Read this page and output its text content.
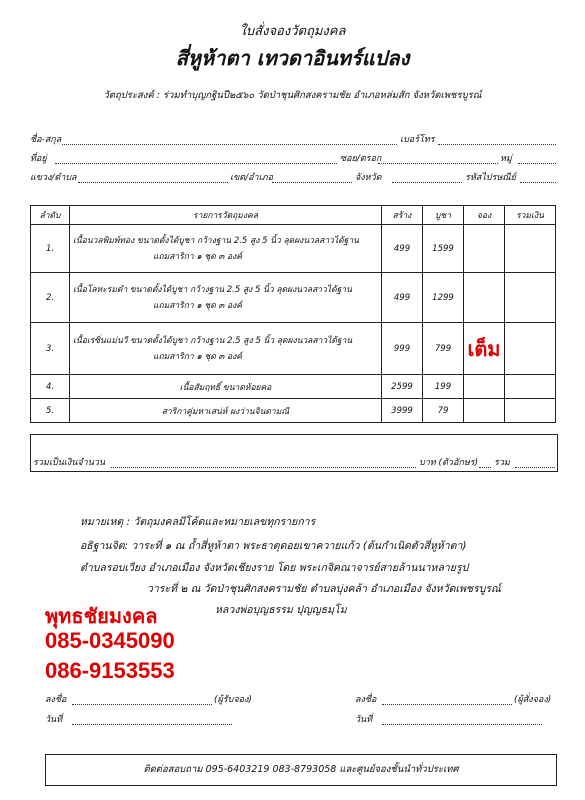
ใบสั่งจองวัตถุมงคล
สี่หูห้าตา เทวดาอินทร์แปลง
วัตถุประสงค์ : ร่วมทำบุญกฐินปี๒๕๖๐ วัดป่าชุนศิกสงครามชัย อำเภอหล่มสัก จังหวัดเพชรบูรณ์
ชื่อ-สกุล	เบอร์โทร
ที่อยู่	ซอย/ตรอก	หมู่
แขวง/ตำบล	เขต/อำเภอ	จังหวัด	รหัสไปรษณีย์
ลำดับ	รายการวัตถุมงคล	สร้าง	บูชา	จอง	รวมเงิน
1.	เนื้อนวลพิมพ์ทอง ขนาดตั้งได้บูชา กว้างฐาน 2.5 สูง 5 นิ้ว ลุดผงนวลสาวได้ฐาน
แถมสาริกา ๑ ชุด ๓ องค์	499	1599		
2.	เนื้อโลหะรมดำ ขนาดตั้งได้บูชา กว้างฐาน 2.5 สูง 5 นิ้ว ลุดผงนวลสาวได้ฐาน
แถมสาริกา ๑ ชุด ๓ องค์	499	1299		
3.	เนื้อเรซิ่นแม่นวี ขนาดตั้งได้บูชา กว้างฐาน 2.5 สูง 5 นิ้ว ลุดผงนวลสาวได้ฐาน
แถมสาริกา ๑ ชุด ๓ องค์	999	799	เต็ม	
4.	เนื้อสัมฤทธิ์ ขนาดห้อยคอ	2599	199		
5.	สาริกาคู่มหาเสน่ห์ ผงว่านจินดามณี	3999	79		
รวมเป็นเงินจำนวน	บาท (ตัวอักษร) รวม
หมายเหตุ : วัตถุมงคลมีโค้ดและหมายเลขทุกรายการ
อธิฐานจิต: วาระที่ ๑ ณ ถ้ำสี่หูห้าตา พระธาตุดอยเขาควายแก้ว (ต้นกำเนิดตัวสี่หูห้าตา)
ตำบลรอบเวียง อำเภอเมือง จังหวัดเชียงราย โดย พระเกจิคณาจารย์สายล้านนาหลายรูป
วาระที่ ๒ ณ วัดป่าชุนศิกสงครามชัย ตำบลบุ่งคล้า อำเภอเมือง จังหวัดเพชรบูรณ์
หลวงพ่อบุญธรรม ปุญญธมฺโม
พุทธชัยมงคล
085-0345090
086-9153553
ลงชื่อ	(ผู้รับจอง)
วันที่
ลงชื่อ	(ผู้สั่งจอง)
วันที่
ติดต่อสอบถาม 095-6403219 083-8793058 และศูนย์จองชั้นนำทั่วประเทศ
